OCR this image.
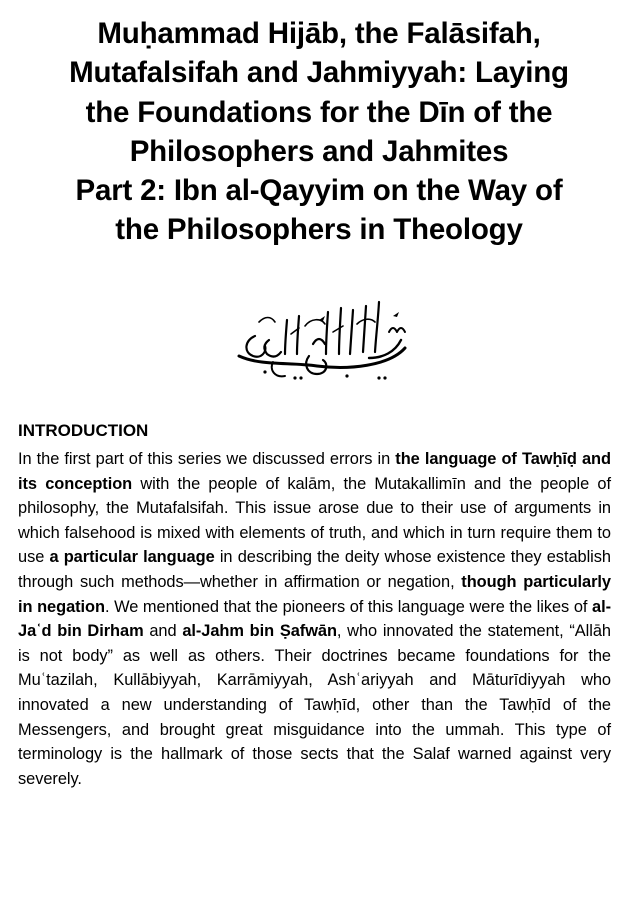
Muḥammad Hijāb, the Falāsifah,
Mutafalsifah and Jahmiyyah: Laying
the Foundations for the Dīn of the
Philosophers and Jahmites
Part 2: Ibn al-Qayyim on the Way of
the Philosophers in Theology
INTRODUCTION

In the first part of this series we discussed errors in the language of Tawḥīḍ and its conception with the people of kalām, the Mutakallimīn and the people of philosophy, the Mutafalsifah. This issue arose due to their use of arguments in which falsehood is mixed with elements of truth, and which in turn require them to use a particular language in describing the deity whose existence they establish through such methods—whether in affirmation or negation, though particularly in negation. We mentioned that the pioneers of this language were the likes of al-Jaʿd bin Dirham and al-Jahm bin Ṣafwān, who innovated the statement, “Allāh is not body” as well as others. Their doctrines became foundations for the Muʿtazilah, Kullābiyyah, Karrāmiyyah, Ashʿariyyah and Māturīdiyyah who innovated a new understanding of Tawḥīd, other than the Tawḥīd of the Messengers, and brought great misguidance into the ummah. This type of terminology is the hallmark of those sects that the Salaf warned against very severely.
